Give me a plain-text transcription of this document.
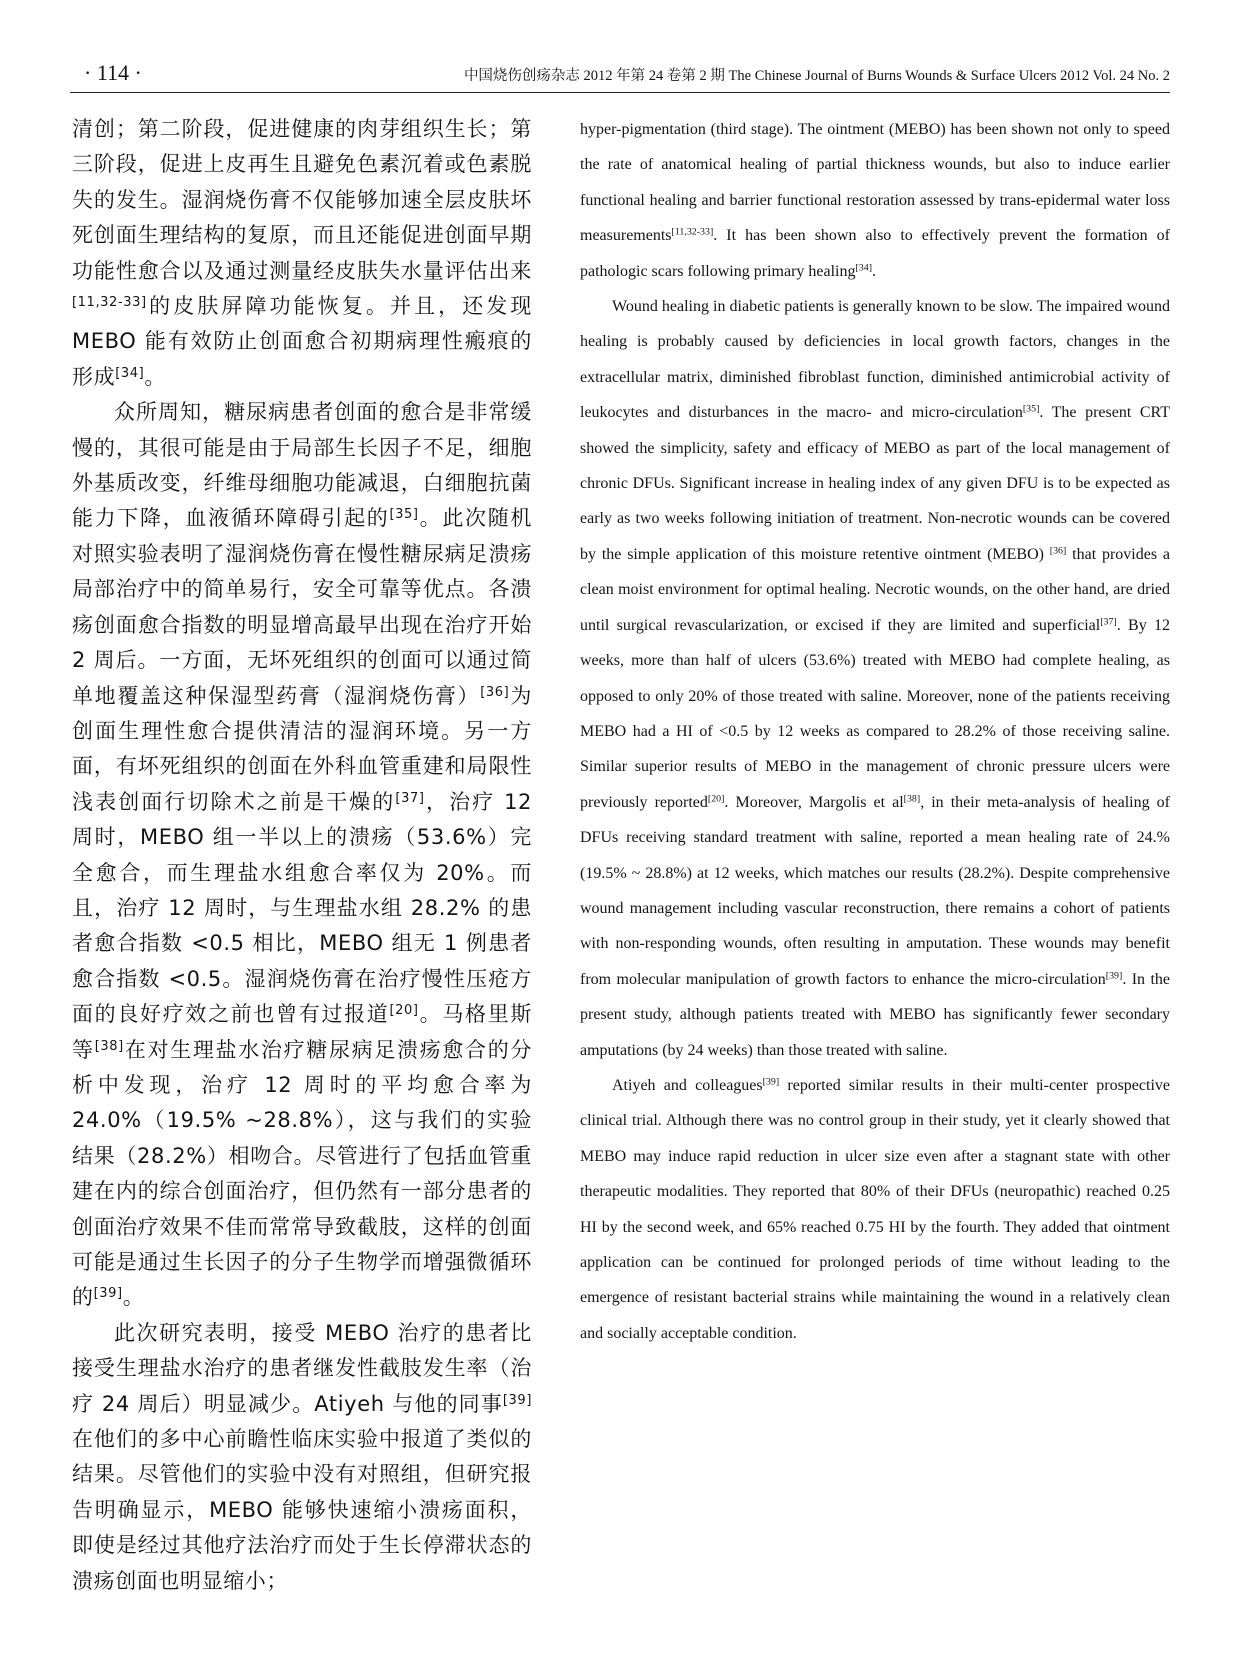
· 114 ·	中国烧伤创疡杂志 2012 年第 24 卷第 2 期 The Chinese Journal of Burns Wounds & Surface Ulcers 2012 Vol. 24 No. 2

清创；第二阶段，促进健康的肉芽组织生长；第三阶段，促进上皮再生且避免色素沉着或色素脱失的发生。湿润烧伤膏不仅能够加速全层皮肤坏死创面生理结构的复原，而且还能促进创面早期功能性愈合以及通过测量经皮肤失水量评估出来[11,32-33]的皮肤屏障功能恢复。并且，还发现 MEBO 能有效防止创面愈合初期病理性瘢痕的形成[34]。

众所周知，糖尿病患者创面的愈合是非常缓慢的，其很可能是由于局部生长因子不足，细胞外基质改变，纤维母细胞功能减退，白细胞抗菌能力下降，血液循环障碍引起的[35]。此次随机对照实验表明了湿润烧伤膏在慢性糖尿病足溃疡局部治疗中的简单易行，安全可靠等优点。各溃疡创面愈合指数的明显增高最早出现在治疗开始 2 周后。一方面，无坏死组织的创面可以通过简单地覆盖这种保湿型药膏（湿润烧伤膏）[36]为创面生理性愈合提供清洁的湿润环境。另一方面，有坏死组织的创面在外科血管重建和局限性浅表创面行切除术之前是干燥的[37]，治疗 12 周时，MEBO 组一半以上的溃疡（53.6%）完全愈合，而生理盐水组愈合率仅为 20%。而且，治疗 12 周时，与生理盐水组 28.2% 的患者愈合指数 <0.5 相比，MEBO 组无 1 例患者愈合指数 <0.5。湿润烧伤膏在治疗慢性压疮方面的良好疗效之前也曾有过报道[20]。马格里斯等[38]在对生理盐水治疗糖尿病足溃疡愈合的分析中发现，治疗 12 周时的平均愈合率为 24.0%（19.5% ~28.8%），这与我们的实验结果（28.2%）相吻合。尽管进行了包括血管重建在内的综合创面治疗，但仍然有一部分患者的创面治疗效果不佳而常常导致截肢，这样的创面可能是通过生长因子的分子生物学而增强微循环的[39]。

此次研究表明，接受 MEBO 治疗的患者比接受生理盐水治疗的患者继发性截肢发生率（治疗 24 周后）明显减少。Atiyeh 与他的同事[39]在他们的多中心前瞻性临床实验中报道了类似的结果。尽管他们的实验中没有对照组，但研究报告明确显示，MEBO 能够快速缩小溃疡面积，即使是经过其他疗法治疗而处于生长停滞状态的溃疡创面也明显缩小；

hyper-pigmentation (third stage). The ointment (MEBO) has been shown not only to speed the rate of anatomical healing of partial thickness wounds, but also to induce earlier functional healing and barrier functional restoration assessed by trans-epidermal water loss measurements[11,32-33]. It has been shown also to effectively prevent the formation of pathologic scars following primary healing[34].

Wound healing in diabetic patients is generally known to be slow. The impaired wound healing is probably caused by deficiencies in local growth factors, changes in the extracellular matrix, diminished fibroblast function, diminished antimicrobial activity of leukocytes and disturbances in the macro- and micro-circulation[35]. The present CRT showed the simplicity, safety and efficacy of MEBO as part of the local management of chronic DFUs. Significant increase in healing index of any given DFU is to be expected as early as two weeks following initiation of treatment. Non-necrotic wounds can be covered by the simple application of this moisture retentive ointment (MEBO) [36] that provides a clean moist environment for optimal healing. Necrotic wounds, on the other hand, are dried until surgical revascularization, or excised if they are limited and superficial[37]. By 12 weeks, more than half of ulcers (53.6%) treated with MEBO had complete healing, as opposed to only 20% of those treated with saline. Moreover, none of the patients receiving MEBO had a HI of <0.5 by 12 weeks as compared to 28.2% of those receiving saline. Similar superior results of MEBO in the management of chronic pressure ulcers were previously reported[20]. Moreover, Margolis et al[38], in their meta-analysis of healing of DFUs receiving standard treatment with saline, reported a mean healing rate of 24.% (19.5% ~ 28.8%) at 12 weeks, which matches our results (28.2%). Despite comprehensive wound management including vascular reconstruction, there remains a cohort of patients with non-responding wounds, often resulting in amputation. These wounds may benefit from molecular manipulation of growth factors to enhance the micro-circulation[39]. In the present study, although patients treated with MEBO has significantly fewer secondary amputations (by 24 weeks) than those treated with saline.

Atiyeh and colleagues[39] reported similar results in their multi-center prospective clinical trial. Although there was no control group in their study, yet it clearly showed that MEBO may induce rapid reduction in ulcer size even after a stagnant state with other therapeutic modalities. They reported that 80% of their DFUs (neuropathic) reached 0.25 HI by the second week, and 65% reached 0.75 HI by the fourth. They added that ointment application can be continued for prolonged periods of time without leading to the emergence of resistant bacterial strains while maintaining the wound in a relatively clean and socially acceptable condition.
